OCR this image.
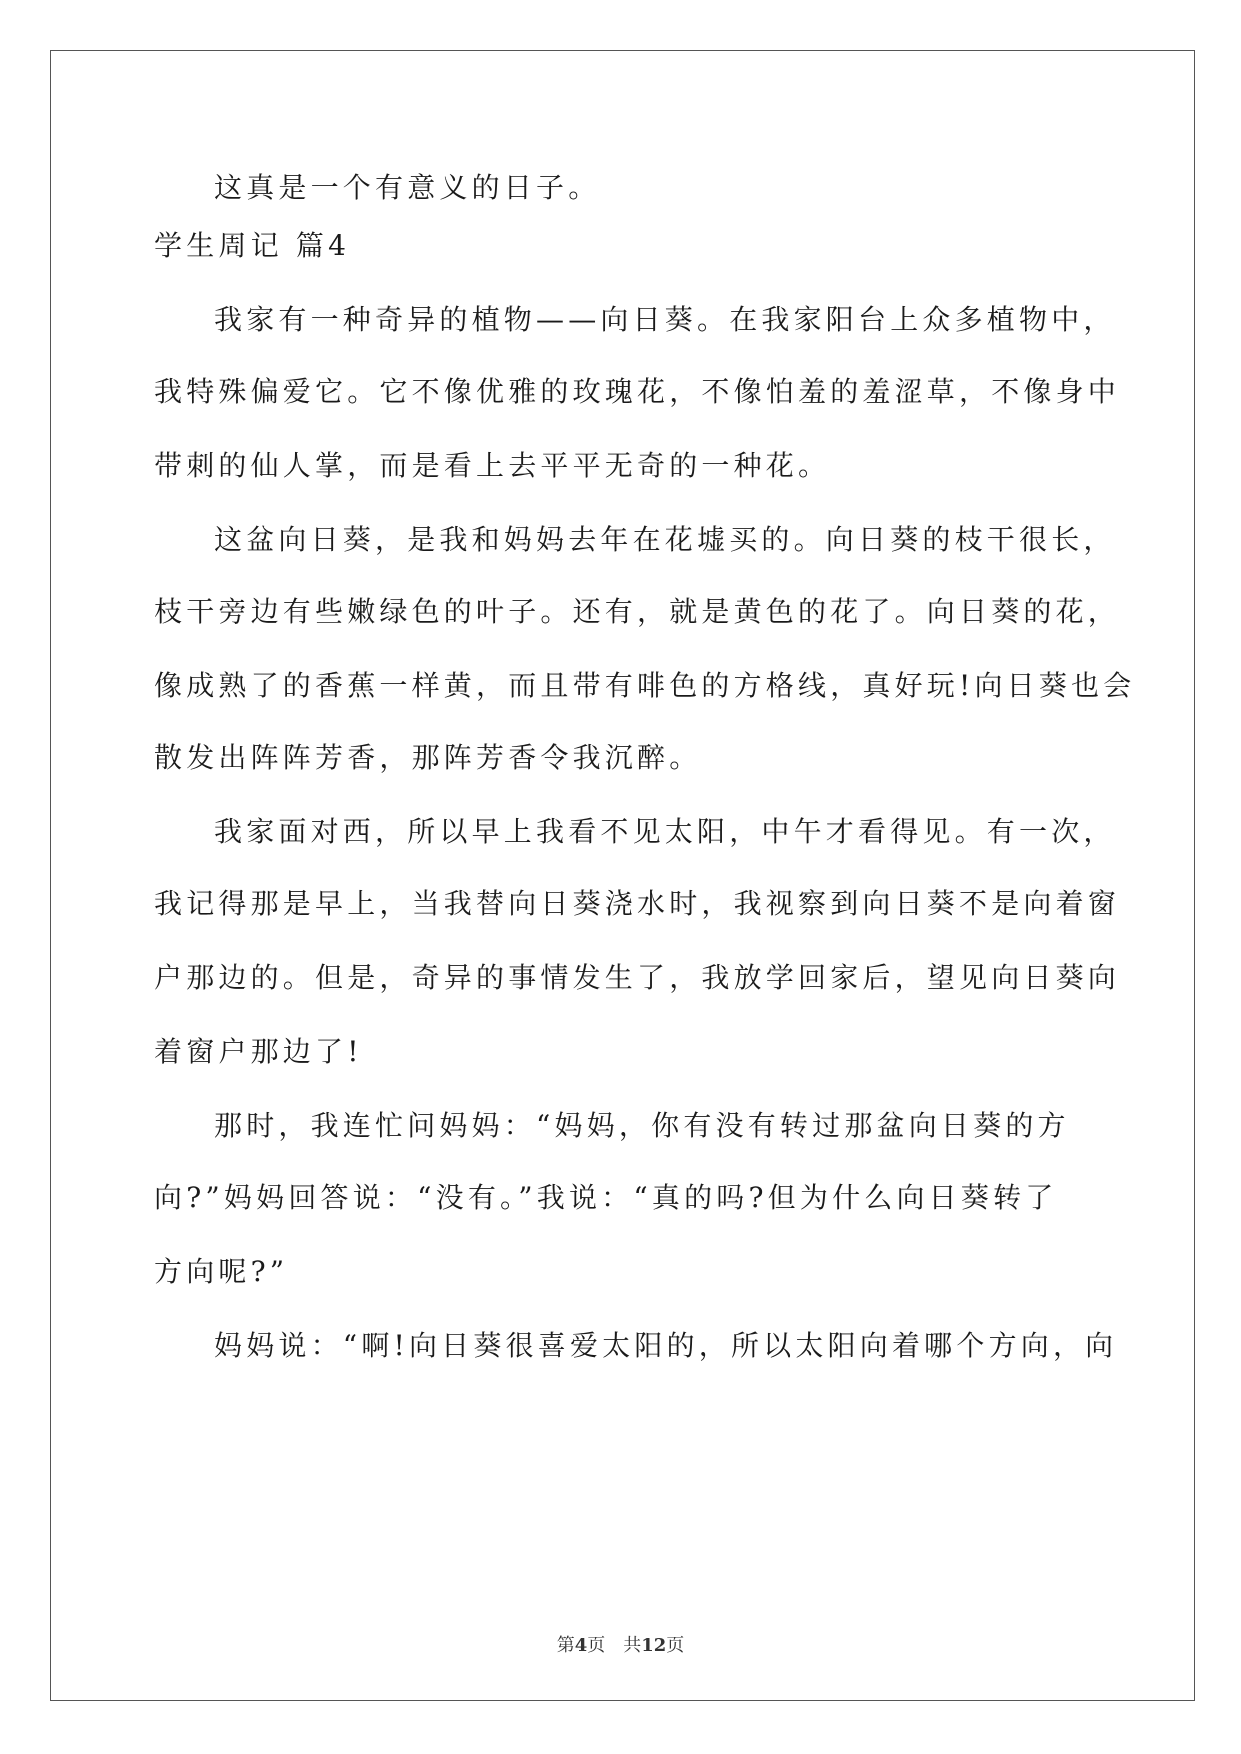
这真是一个有意义的日子。
学生周记 篇4
我家有一种奇异的植物——向日葵。在我家阳台上众多植物中，
我特殊偏爱它。它不像优雅的玫瑰花，不像怕羞的羞涩草，不像身中
带刺的仙人掌，而是看上去平平无奇的一种花。
这盆向日葵，是我和妈妈去年在花墟买的。向日葵的枝干很长，
枝干旁边有些嫩绿色的叶子。还有，就是黄色的花了。向日葵的花，
像成熟了的香蕉一样黄，而且带有啡色的方格线，真好玩!向日葵也会
散发出阵阵芳香，那阵芳香令我沉醉。
我家面对西，所以早上我看不见太阳，中午才看得见。有一次，
我记得那是早上，当我替向日葵浇水时，我视察到向日葵不是向着窗
户那边的。但是，奇异的事情发生了，我放学回家后，望见向日葵向
着窗户那边了!
那时，我连忙问妈妈：“妈妈，你有没有转过那盆向日葵的方
向?”妈妈回答说：“没有。”我说：“真的吗?但为什么向日葵转了
方向呢?”
妈妈说：“啊!向日葵很喜爱太阳的，所以太阳向着哪个方向，向
第4页　共12页
